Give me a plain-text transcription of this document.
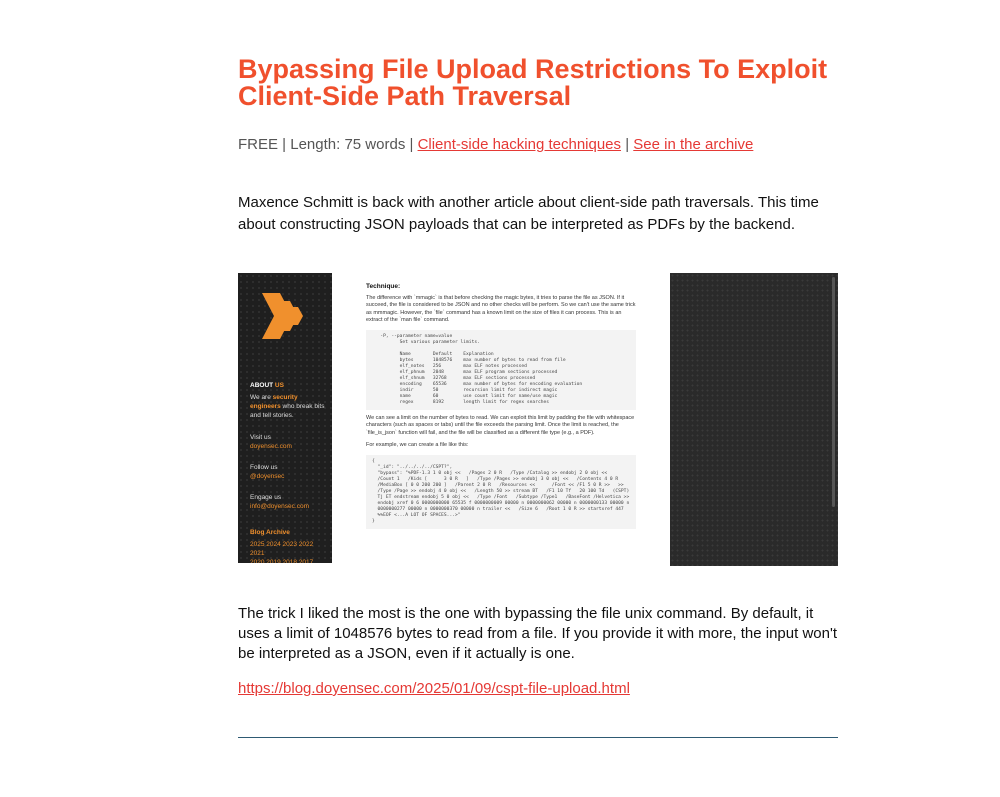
Bypassing File Upload Restrictions To Exploit Client-Side Path Traversal
FREE | Length: 75 words | Client-side hacking techniques | See in the archive

Maxence Schmitt is back with another article about client-side path traversals. This time about constructing JSON payloads that can be interpreted as PDFs by the backend.

ABOUT US

We are security engineers who break bits and tell stories.
Visit us
doyensec.com
Follow us
@doyensec
Engage us
info@doyensec.com
Blog Archive
2025 2024 2023 2022 2021
Technique:
The difference with `mmagic` is that before checking the magic bytes, it tries to parse the file as JSON. If it succeed, the file is considered to be JSON and no other checks will be perform. So we can't use the same trick as mmmagic. However, the `file` command has a known limit on the size of files it can process. This is an extract of the `man file` command.
-P, --parameter name=value
Set various parameter limits.

Name        Default    Explanation
bytes       1048576    max number of bytes to read from file
elf_notes   256        max ELF notes processed
elf_phnum   2048       max ELF program sections processed
elf_shnum   32768      max ELF sections processed
encoding    65536      max number of bytes for encoding evaluation
indir       50         recursion limit for indirect magic
name        60         use count limit for name/use magic
regex       8192       length limit for regex searches
We can see a limit on the number of bytes to read. We can exploit this limit by padding the file with whitespace characters (such as spaces or tabs) until the file exceeds the parsing limit. Once the limit is reached, the `file_is_json` function will fail, and the file will be classified as a different file type (e.g., a PDF).
For example, we can create a file like this:
{
"_id": "../../../../CSPT?",
"bypass": "%PDF-1.3 1 0 obj <<   /Pages 2 0 R   /Type /Catalog >> endobj 2 0 obj <<
/Count 1   /Kids [      3 0 R   ]   /Type /Pages >> endobj 3 0 obj <<   /Contents 4 0 R
/MediaBox [ 0 0 200 200 ]   /Parent 2 0 R   /Resources <<      /Font << /F1 5 0 R >>   >>
/Type /Page >> endobj 4 0 obj <<   /Length 50 >> stream BT   /F1 10 Tf   20 100 Td   (CSPT)
Tj ET endstream endobj 5 0 obj <<   /Type /Font   /Subtype /Type1   /BaseFont /Helvetica >>
endobj xref 0 6 0000000000 65535 f 0000000009 00000 n 0000000062 00000 n 0000000133 00000 n
0000000277 00000 n 0000000370 00000 n trailer <<   /Size 6   /Root 1 0 R >> startxref 447
%%EOF <...A LOT OF SPACES...>"
}

The trick I liked the most is the one with bypassing the file unix command. By default, it uses a limit of 1048576 bytes to read from a file. If you provide it with more, the input won't be interpreted as a JSON, even if it actually is one.

https://blog.doyensec.com/2025/01/09/cspt-file-upload.html
